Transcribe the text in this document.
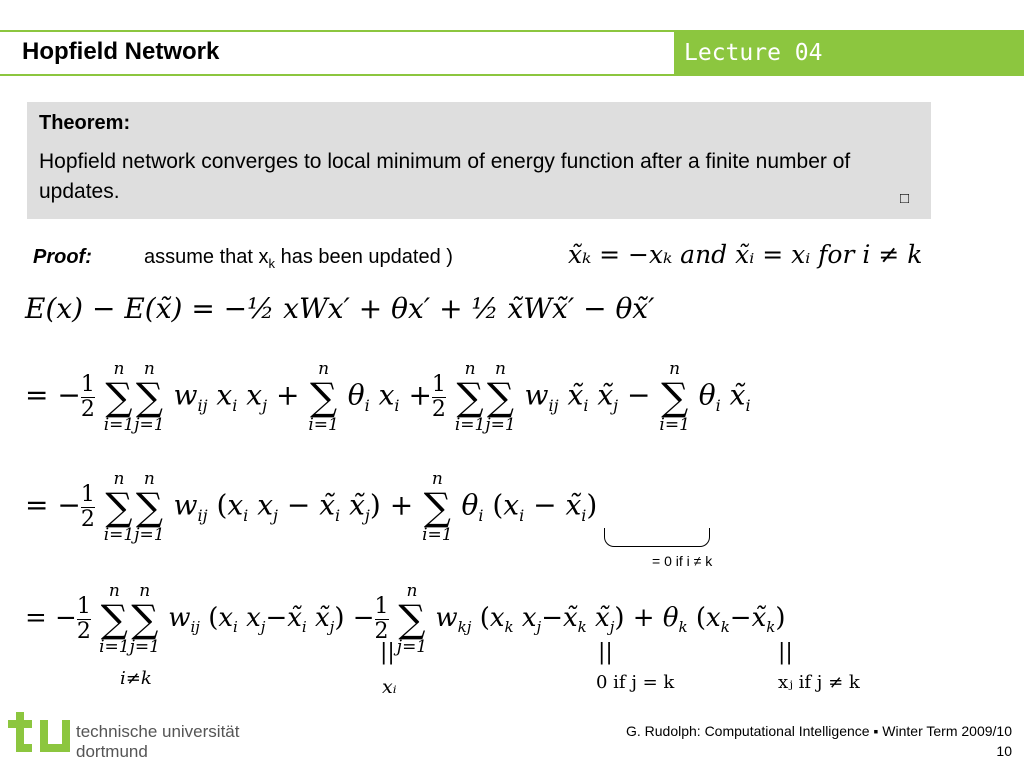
Hopfield Network	Lecture 04
Theorem:
Hopfield network converges to local minimum of energy function after a finite number of updates.	□
Proof:	assume that $x_k$ has been updated )	x̃ₖ = −xₖ and x̃ᵢ = xᵢ for i ≠ k
E(x) − E(x̃) = −½ xWx′ + θx′ + ½ x̃Wx̃′ − θx̃′
= − $\frac{1}{2}$

n
∑
i=1
n
∑
j=1
$w_{ij}$ $x_i$ $x_j$ +
n
∑
i=1
$\theta_i$ $x_i + \frac{1}{2}$

n
∑
i=1
n
∑
j=1
$w_{ij}$ $x̃_i$ $x̃_j$ −
n
∑
i=1
$\theta_i$ $x̃_i$
= − $\frac{1}{2}$

n
∑
i=1
n
∑
j=1
$w_{ij}$ ($x_i$ $x_j$ − $x̃_i$ $x̃_j$) +
n
∑
i=1
$\theta_i$ ($x_i$ − $x̃_i$)
= 0 if i ≠ k
= − $\frac{1}{2}$

n
∑
i=1
n
∑
j=1
$w_{ij}$ ($x_i$ $x_j-x̃_i$ $x̃_j) - \frac{1}{2}$

n
∑
j=1
$w_{kj}$ ($x_k$ $x_j-x̃_k$ $x̃_j) + \theta_k$ $(x_k-x̃_k)$
i≠k
||
xᵢ
||
0 if j = k
||
xⱼ if j ≠ k
technische universität
dortmund
G. Rudolph: Computational Intelligence ▪ Winter Term 2009/10
10
